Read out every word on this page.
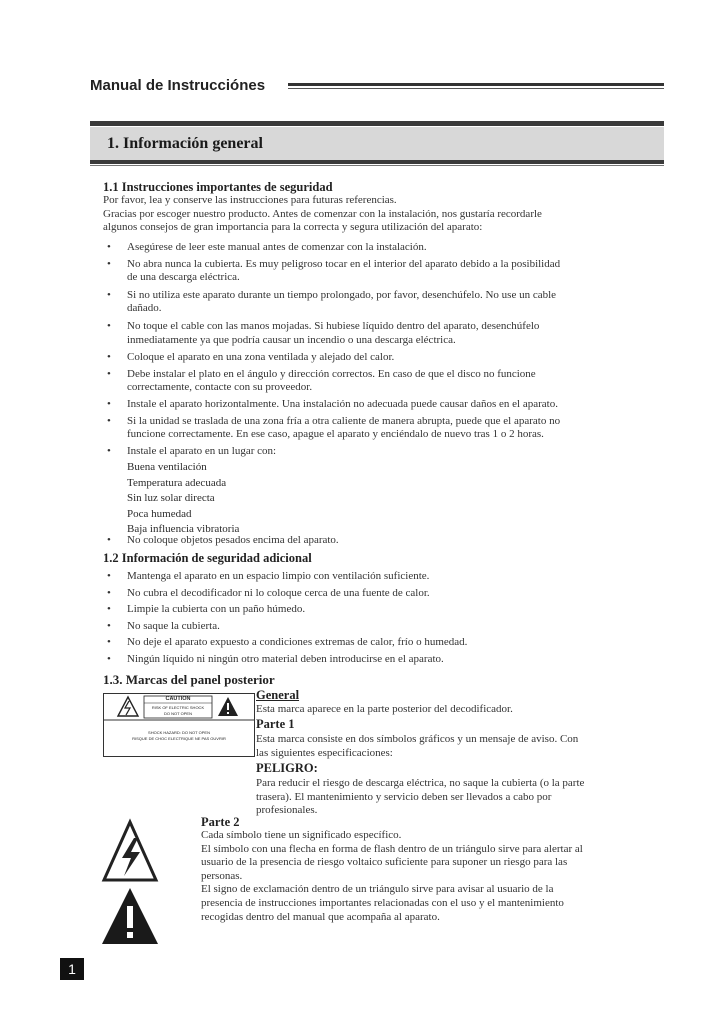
Manual de Instrucciónes
1. Información general
1.1 Instrucciones importantes de seguridad
Por favor, lea y conserve las instrucciones para futuras referencias.
Gracias por escoger nuestro producto. Antes de comenzar con la instalación, nos gustaría recordarle
algunos consejos de gran importancia para la correcta y segura utilización del aparato:
• Asegúrese de leer este manual antes de comenzar con la instalación.
• No abra nunca la cubierta. Es muy peligroso tocar en el interior del aparato debido a la posibilidad
de una descarga eléctrica.
• Si no utiliza este aparato durante un tiempo prolongado, por favor, desenchúfelo. No use un cable
dañado.
• No toque el cable con las manos mojadas. Si hubiese líquido dentro del aparato, desenchúfelo
inmediatamente ya que podría causar un incendio o una descarga eléctrica.
• Coloque el aparato en una zona ventilada y alejado del calor.
• Debe instalar el plato en el ángulo y dirección correctos. En caso de que el disco no funcione
correctamente, contacte con su proveedor.
• Instale el aparato horizontalmente. Una instalación no adecuada puede causar daños en el aparato.
• Si la unidad se traslada de una zona fría a otra caliente de manera abrupta, puede que el aparato no
funcione correctamente. En ese caso, apague el aparato y enciéndalo de nuevo tras 1 o 2 horas.
• Instale el aparato en un lugar con:
Buena ventilación
Temperatura adecuada
Sin luz solar directa
Poca humedad
Baja influencia vibratoria
• No coloque objetos pesados encima del aparato.
1.2 Información de seguridad adicional
• Mantenga el aparato en un espacio limpio con ventilación suficiente.
• No cubra el decodificador ni lo coloque cerca de una fuente de calor.
• Limpie la cubierta con un paño húmedo.
• No saque la cubierta.
• No deje el aparato expuesto a condiciones extremas de calor, frío o humedad.
• Ningún líquido ni ningún otro material deben introducirse en el aparato.
1.3. Marcas del panel posterior
CAUTION
RISK OF ELECTRIC SHOCK
DO NOT OPEN
SHOCK HAZARD: DO NOT OPEN
RISQUE DE CHOC ELECTRIQUE NE PAS OUVRIR
General
Esta marca aparece en la parte posterior del decodificador.
Parte 1
Esta marca consiste en dos símbolos gráficos y un mensaje de aviso. Con
las siguientes especificaciones:
PELIGRO:
Para reducir el riesgo de descarga eléctrica, no saque la cubierta (o la parte
trasera). El mantenimiento y servicio deben ser llevados a cabo por
profesionales.
Parte 2
Cada símbolo tiene un significado específico.
El símbolo con una flecha en forma de flash dentro de un triángulo sirve para alertar al
usuario de la presencia de riesgo voltaico suficiente para suponer un riesgo para las
personas.
El signo de exclamación dentro de un triángulo sirve para avisar al usuario de la
presencia de instrucciones importantes relacionadas con el uso y el mantenimiento
recogidas dentro del manual que acompaña al aparato.
1
